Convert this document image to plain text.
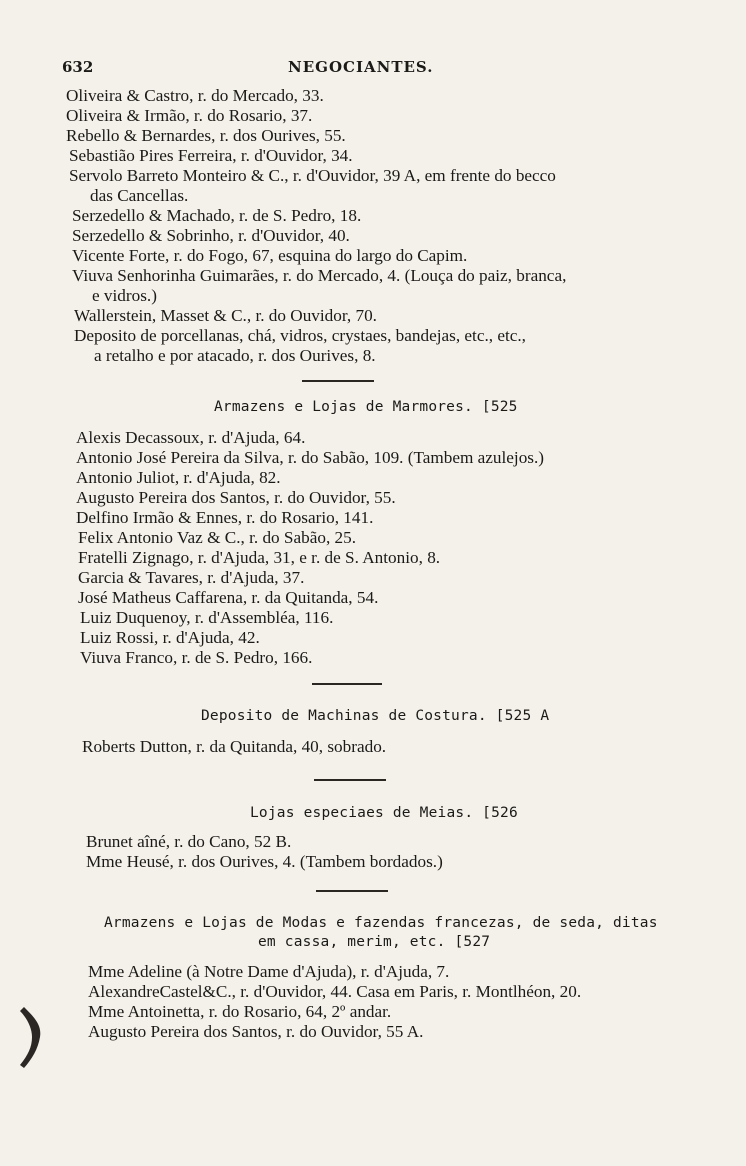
632	NEGOCIANTES.
Oliveira & Castro, r. do Mercado, 33.
Oliveira & Irmão, r. do Rosario, 37.
Rebello & Bernardes, r. dos Ourives, 55.
Sebastião Pires Ferreira, r. d'Ouvidor, 34.
Servolo Barreto Monteiro & C., r. d'Ouvidor, 39 A, em frente do becco
das Cancellas.
Serzedello & Machado, r. de S. Pedro, 18.
Serzedello & Sobrinho, r. d'Ouvidor, 40.
Vicente Forte, r. do Fogo, 67, esquina do largo do Capim.
Viuva Senhorinha Guimarães, r. do Mercado, 4. (Louça do paiz, branca,
e vidros.)
Wallerstein, Masset & C., r. do Ouvidor, 70.
Deposito de porcellanas, chá, vidros, crystaes, bandejas, etc., etc.,
a retalho e por atacado, r. dos Ourives, 8.
Armazens e Lojas de Marmores. [525
Alexis Decassoux, r. d'Ajuda, 64.
Antonio José Pereira da Silva, r. do Sabão, 109. (Tambem azulejos.)
Antonio Juliot, r. d'Ajuda, 82.
Augusto Pereira dos Santos, r. do Ouvidor, 55.
Delfino Irmão & Ennes, r. do Rosario, 141.
Felix Antonio Vaz & C., r. do Sabão, 25.
Fratelli Zignago, r. d'Ajuda, 31, e r. de S. Antonio, 8.
Garcia & Tavares, r. d'Ajuda, 37.
José Matheus Caffarena, r. da Quitanda, 54.
Luiz Duquenoy, r. d'Assembléa, 116.
Luiz Rossi, r. d'Ajuda, 42.
Viuva Franco, r. de S. Pedro, 166.
Deposito de Machinas de Costura. [525 A
Roberts Dutton, r. da Quitanda, 40, sobrado.
Lojas especiaes de Meias. [526
Brunet aîné, r. do Cano, 52 B.
Mme Heusé, r. dos Ourives, 4. (Tambem bordados.)
Armazens e Lojas de Modas e fazendas francezas, de seda, ditas
em cassa, merim, etc. [527
Mme Adeline (à Notre Dame d'Ajuda), r. d'Ajuda, 7.
AlexandreCastel&C., r. d'Ouvidor, 44. Casa em Paris, r. Montlhéon, 20.
Mme Antoinetta, r. do Rosario, 64, 2º andar.
Augusto Pereira dos Santos, r. do Ouvidor, 55 A.
